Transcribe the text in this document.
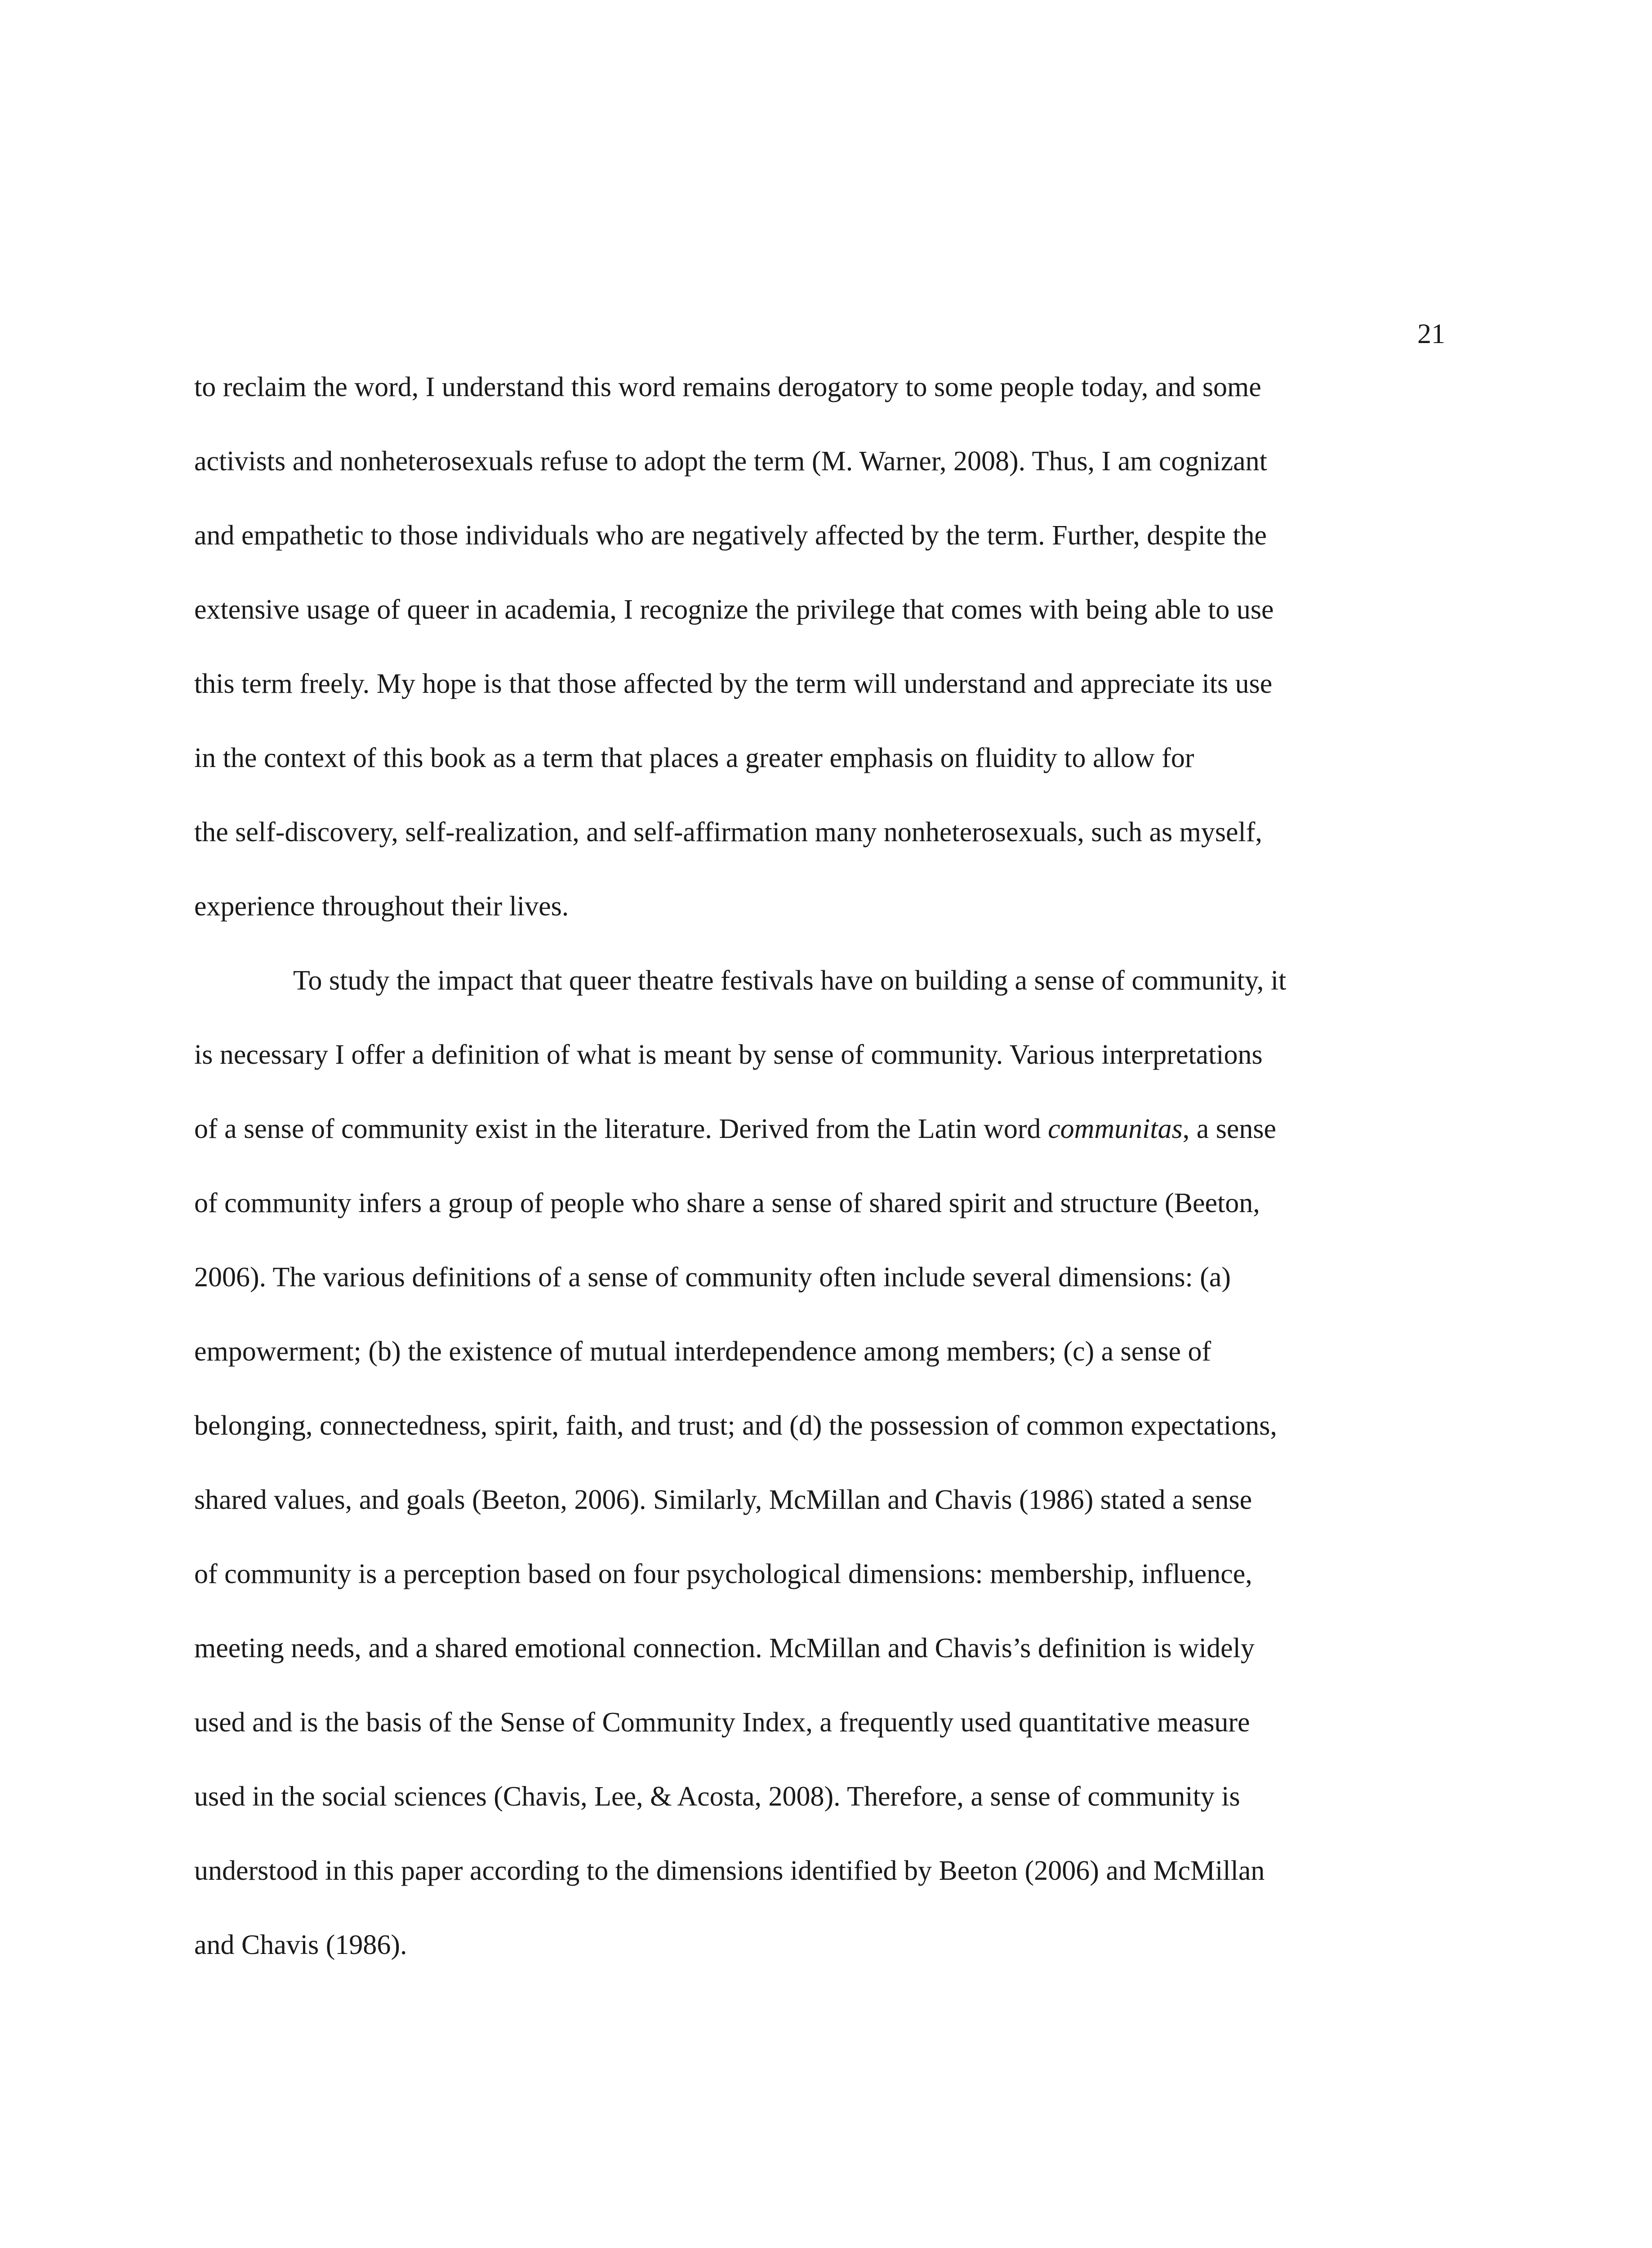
21
to reclaim the word, I understand this word remains derogatory to some people today, and some
activists and nonheterosexuals refuse to adopt the term (M. Warner, 2008). Thus, I am cognizant
and empathetic to those individuals who are negatively affected by the term. Further, despite the
extensive usage of queer in academia, I recognize the privilege that comes with being able to use
this term freely. My hope is that those affected by the term will understand and appreciate its use
in the context of this book as a term that places a greater emphasis on fluidity to allow for
the self-discovery, self-realization, and self-affirmation many nonheterosexuals, such as myself,
experience throughout their lives.
To study the impact that queer theatre festivals have on building a sense of community, it
is necessary I offer a definition of what is meant by sense of community. Various interpretations
of a sense of community exist in the literature. Derived from the Latin word communitas, a sense
of community infers a group of people who share a sense of shared spirit and structure (Beeton,
2006). The various definitions of a sense of community often include several dimensions: (a)
empowerment; (b) the existence of mutual interdependence among members; (c) a sense of
belonging, connectedness, spirit, faith, and trust; and (d) the possession of common expectations,
shared values, and goals (Beeton, 2006). Similarly, McMillan and Chavis (1986) stated a sense
of community is a perception based on four psychological dimensions: membership, influence,
meeting needs, and a shared emotional connection. McMillan and Chavis’s definition is widely
used and is the basis of the Sense of Community Index, a frequently used quantitative measure
used in the social sciences (Chavis, Lee, & Acosta, 2008). Therefore, a sense of community is
understood in this paper according to the dimensions identified by Beeton (2006) and McMillan
and Chavis (1986).
